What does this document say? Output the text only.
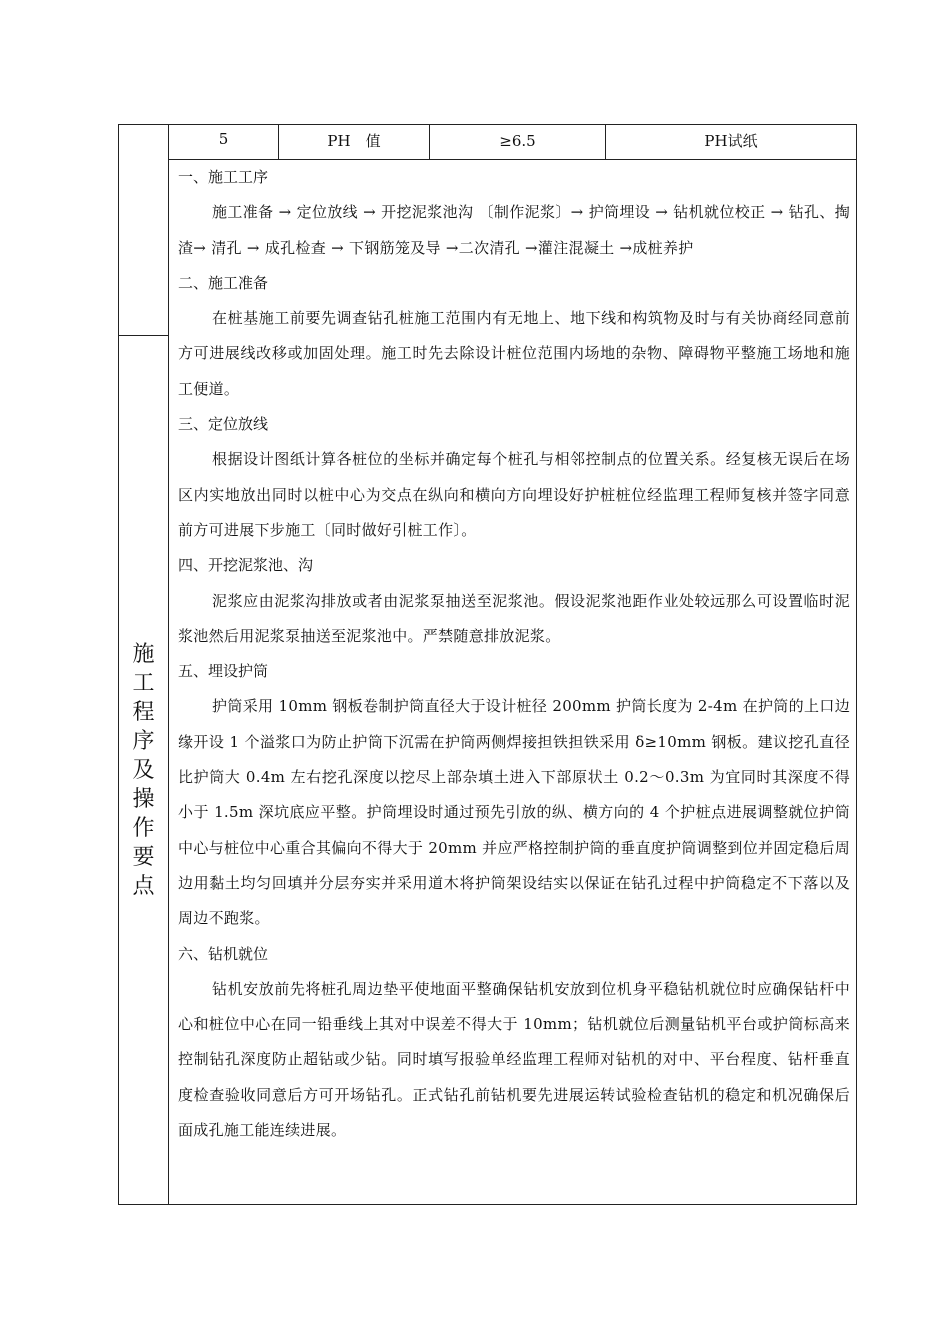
5	PH　值	≥6.5	PH试纸
施工程序及操作要点

一、施工工序

施工准备 → 定位放线 → 开挖泥浆池沟 〔制作泥浆〕→ 护筒埋设 → 钻机就位校正 → 钻孔、掏渣→ 清孔 → 成孔检查 → 下钢筋笼及导 →二次清孔 →灌注混凝土 →成桩养护

二、施工准备

在桩基施工前要先调查钻孔桩施工范围内有无地上、地下线和构筑物及时与有关协商经同意前方可进展线改移或加固处理。施工时先去除设计桩位范围内场地的杂物、障碍物平整施工场地和施工便道。

三、定位放线

根据设计图纸计算各桩位的坐标并确定每个桩孔与相邻控制点的位置关系。经复核无误后在场区内实地放出同时以桩中心为交点在纵向和横向方向埋设好护桩桩位经监理工程师复核并签字同意前方可进展下步施工〔同时做好引桩工作〕。

四、开挖泥浆池、沟

泥浆应由泥浆沟排放或者由泥浆泵抽送至泥浆池。假设泥浆池距作业处较远那么可设置临时泥浆池然后用泥浆泵抽送至泥浆池中。严禁随意排放泥浆。

五、埋设护筒

护筒采用 10mm 钢板卷制护筒直径大于设计桩径 200mm 护筒长度为 2-4m 在护筒的上口边缘开设 1 个溢浆口为防止护筒下沉需在护筒两侧焊接担铁担铁采用 δ≥10mm 钢板。建议挖孔直径比护筒大 0.4m 左右挖孔深度以挖尽上部杂填土进入下部原状土 0.2～0.3m 为宜同时其深度不得小于 1.5m 深坑底应平整。护筒埋设时通过预先引放的纵、横方向的 4 个护桩点进展调整就位护筒中心与桩位中心重合其偏向不得大于 20mm 并应严格控制护筒的垂直度护筒调整到位并固定稳后周边用黏土均匀回填并分层夯实并采用道木将护筒架设结实以保证在钻孔过程中护筒稳定不下落以及周边不跑浆。

六、钻机就位

钻机安放前先将桩孔周边垫平使地面平整确保钻机安放到位机身平稳钻机就位时应确保钻杆中心和桩位中心在同一铅垂线上其对中误差不得大于 10mm；钻机就位后测量钻机平台或护筒标高来控制钻孔深度防止超钻或少钻。同时填写报验单经监理工程师对钻机的对中、平台程度、钻杆垂直度检查验收同意后方可开场钻孔。正式钻孔前钻机要先进展运转试验检查钻机的稳定和机况确保后面成孔施工能连续进展。
